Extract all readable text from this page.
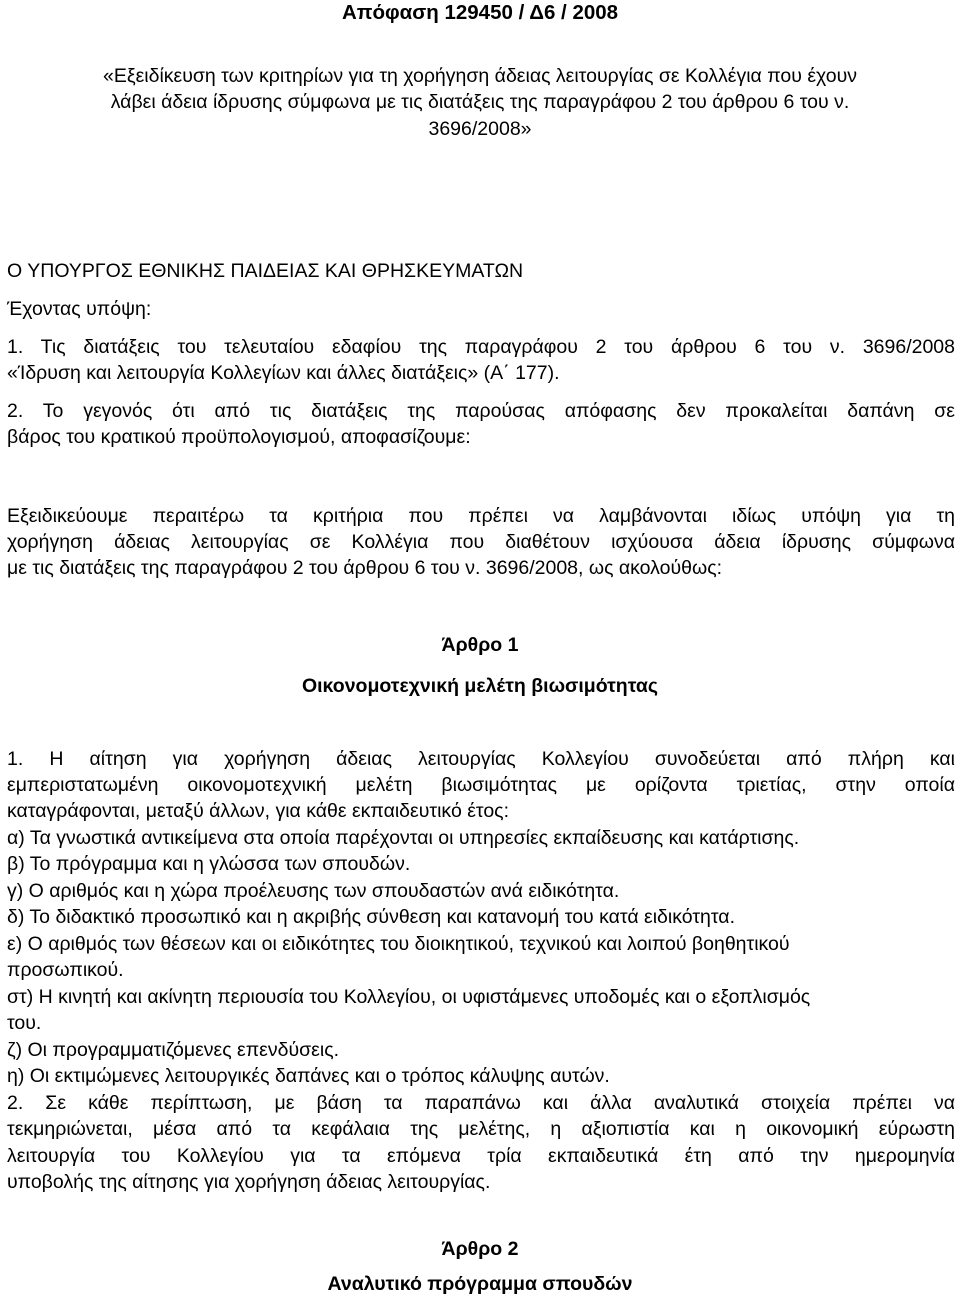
Απόφαση 129450 / Δ6 / 2008

«Εξειδίκευση των κριτηρίων για τη χορήγηση άδειας λειτουργίας σε Κολλέγια που έχουν

λάβει άδεια ίδρυσης σύμφωνα με τις διατάξεις της παραγράφου 2 του άρθρου 6 του ν.

3696/2008»

Ο ΥΠΟΥΡΓΟΣ ΕΘΝΙΚΗΣ ΠΑΙΔΕΙΑΣ ΚΑΙ ΘΡΗΣΚΕΥΜΑΤΩΝ

Έχοντας υπόψη:

1. Τις διατάξεις του τελευταίου εδαφίου της παραγράφου 2 του άρθρου 6 του ν. 3696/2008

«Ίδρυση και λειτουργία Κολλεγίων και άλλες διατάξεις» (Α΄ 177).

2. Το γεγονός ότι από τις διατάξεις της παρούσας απόφασης δεν προκαλείται δαπάνη σε

βάρος του κρατικού προϋπολογισμού, αποφασίζουμε:

Εξειδικεύουμε περαιτέρω τα κριτήρια που πρέπει να λαμβάνονται ιδίως υπόψη για τη

χορήγηση άδειας λειτουργίας σε Κολλέγια που διαθέτουν ισχύουσα άδεια ίδρυσης σύμφωνα

με τις διατάξεις της παραγράφου 2 του άρθρου 6 του ν. 3696/2008, ως ακολούθως:

Άρθρο 1

Οικονομοτεχνική μελέτη βιωσιμότητας

1. Η αίτηση για χορήγηση άδειας λειτουργίας Κολλεγίου συνοδεύεται από πλήρη και

εμπεριστατωμένη οικονομοτεχνική μελέτη βιωσιμότητας με ορίζοντα τριετίας, στην οποία

καταγράφονται, μεταξύ άλλων, για κάθε εκπαιδευτικό έτος:

α) Τα γνωστικά αντικείμενα στα οποία παρέχονται οι υπηρεσίες εκπαίδευσης και κατάρτισης.

β) Το πρόγραμμα και η γλώσσα των σπουδών.

γ) Ο αριθμός και η χώρα προέλευσης των σπουδαστών ανά ειδικότητα.

δ) Το διδακτικό προσωπικό και η ακριβής σύνθεση και κατανομή του κατά ειδικότητα.

ε) Ο αριθμός των θέσεων και οι ειδικότητες του διοικητικού, τεχνικού και λοιπού βοηθητικού

προσωπικού.

στ) Η κινητή και ακίνητη περιουσία του Κολλεγίου, οι υφιστάμενες υποδομές και ο εξοπλισμός

του.

ζ) Οι προγραμματιζόμενες επενδύσεις.

η) Οι εκτιμώμενες λειτουργικές δαπάνες και ο τρόπος κάλυψης αυτών.

2. Σε κάθε περίπτωση, με βάση τα παραπάνω και άλλα αναλυτικά στοιχεία πρέπει να

τεκμηριώνεται, μέσα από τα κεφάλαια της μελέτης, η αξιοπιστία και η οικονομική εύρωστη

λειτουργία του Κολλεγίου για τα επόμενα τρία εκπαιδευτικά έτη από την ημερομηνία

υποβολής της αίτησης για χορήγηση άδειας λειτουργίας.

Άρθρο 2

Αναλυτικό πρόγραμμα σπουδών
